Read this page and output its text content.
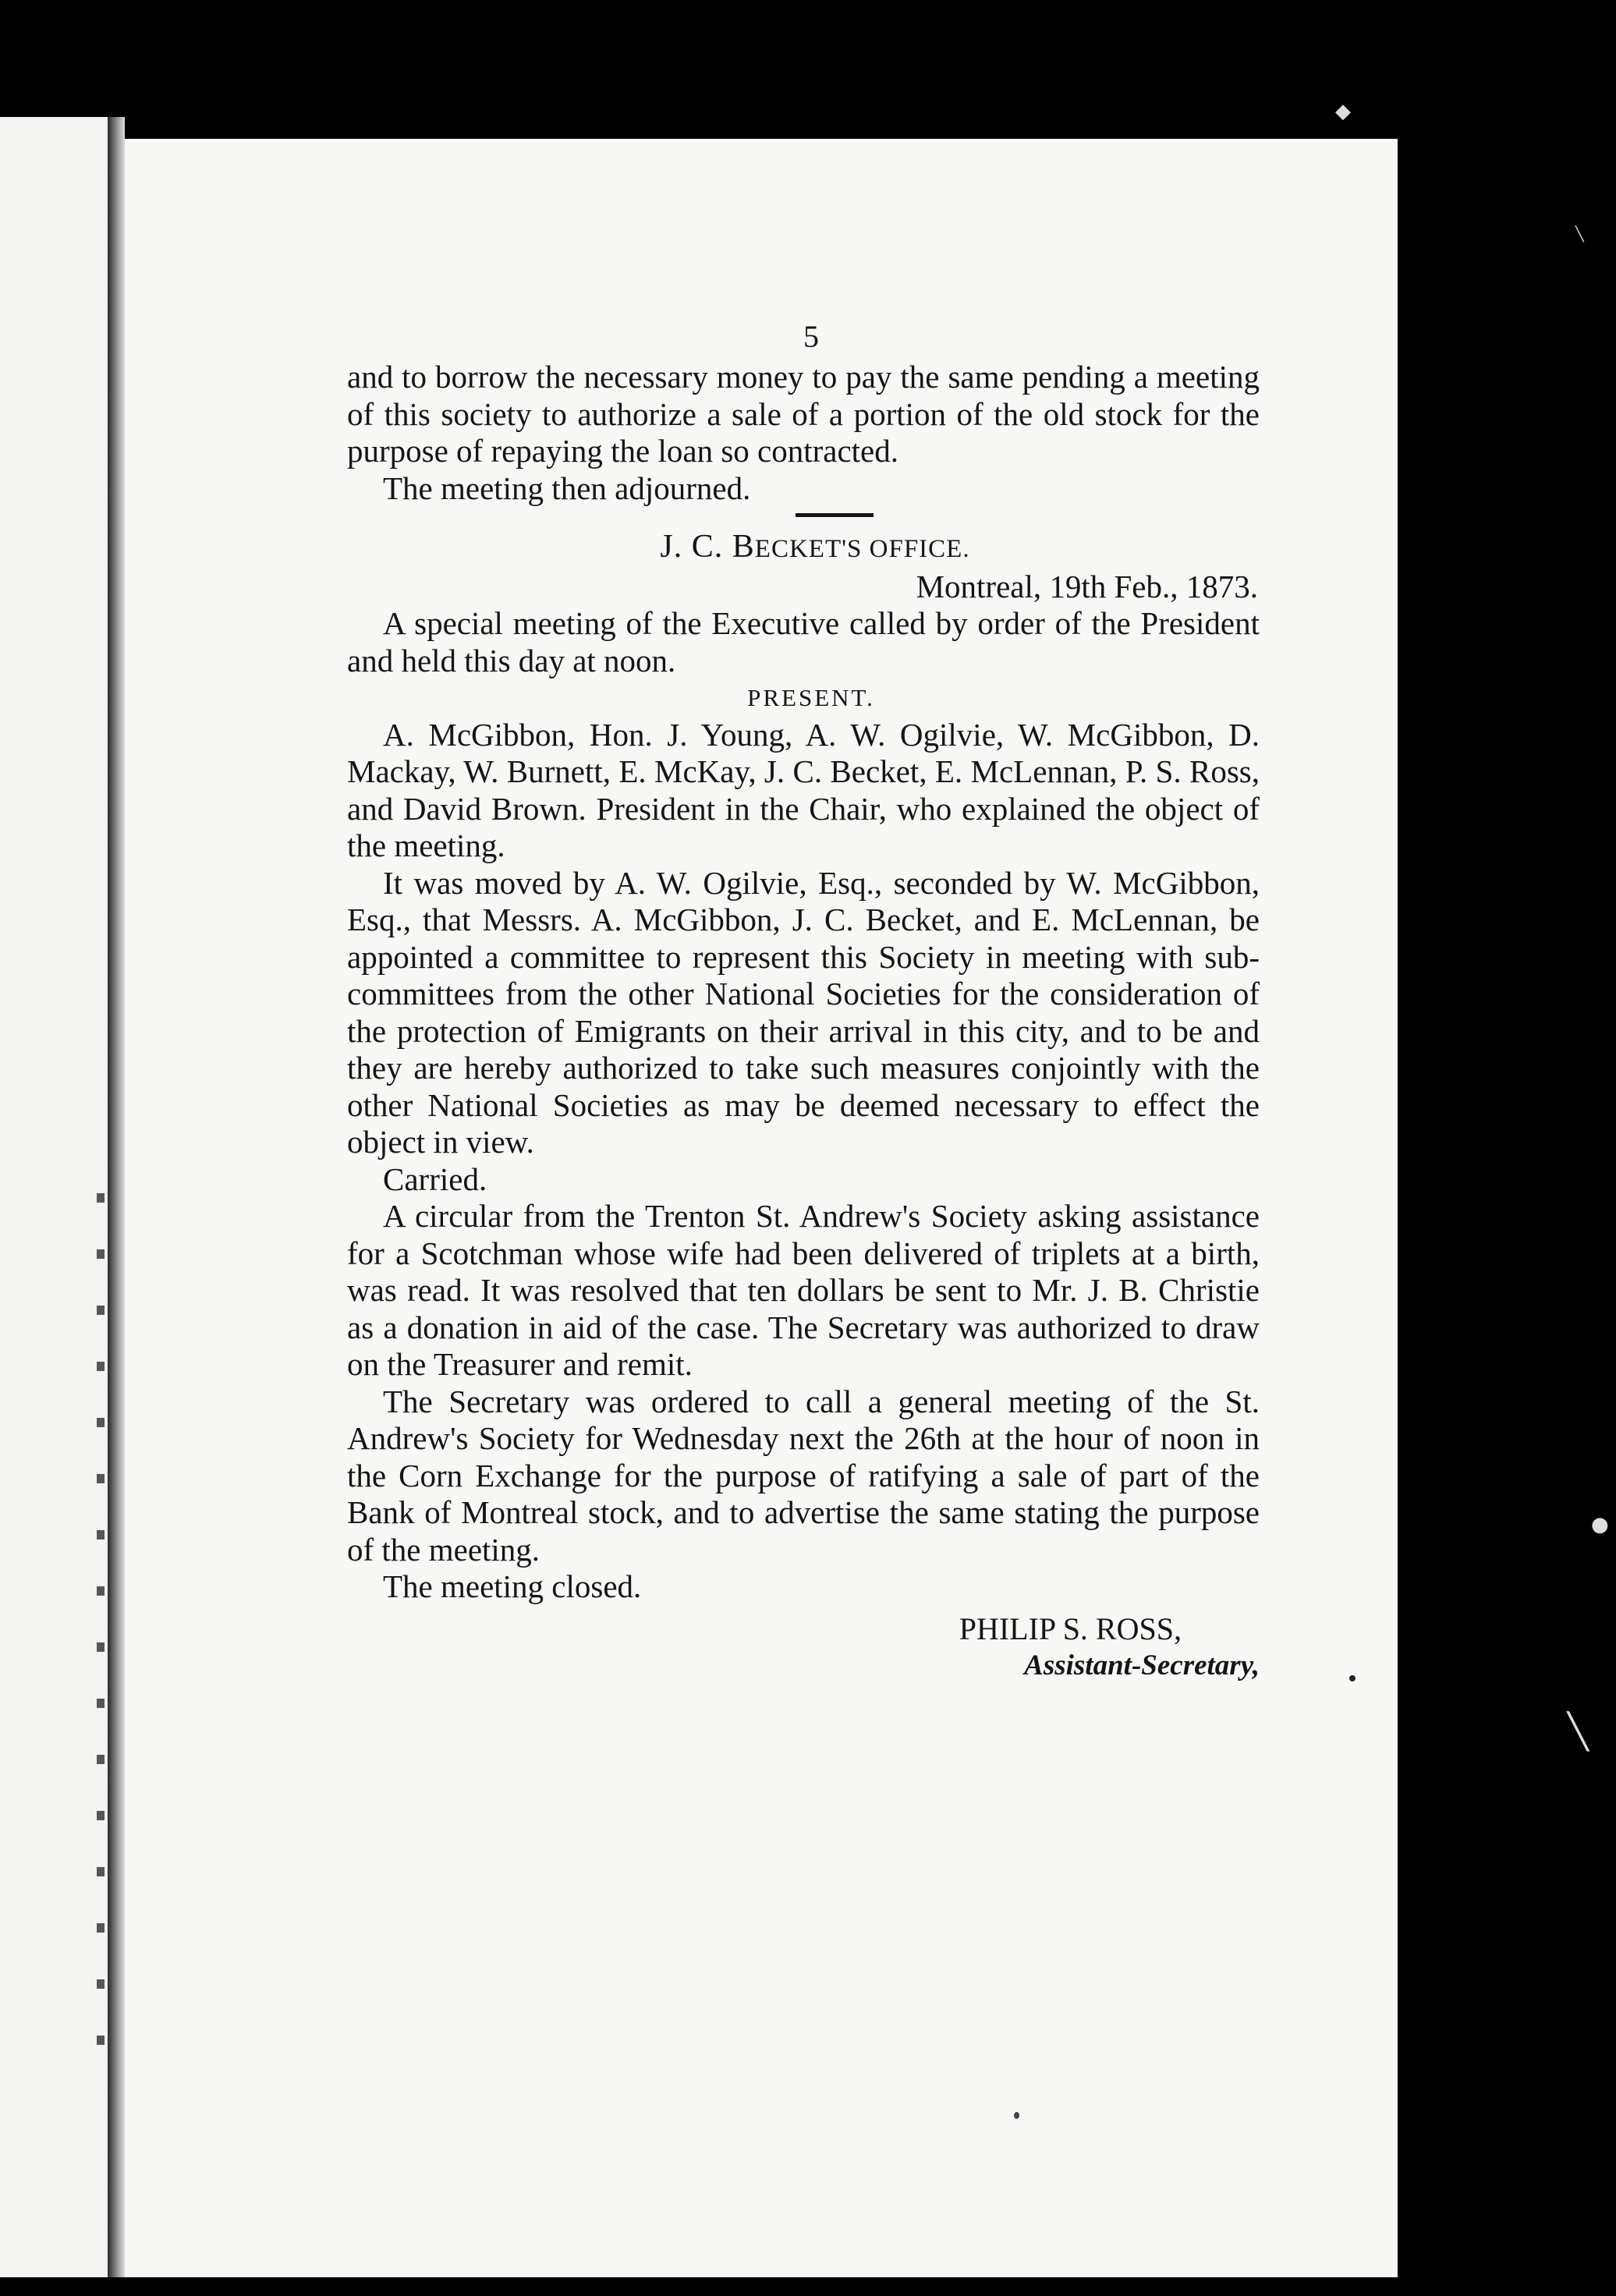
◆
╲
╲
●

5

and to borrow the necessary money to pay the same pending a meeting of this society to authorize a sale of a portion of the old stock for the purpose of repaying the loan so contracted.

The meeting then adjourned.

J. C. BECKET'S OFFICE.

Montreal, 19th Feb., 1873.

A special meeting of the Executive called by order of the President and held this day at noon.

PRESENT.

A. McGibbon, Hon. J. Young, A. W. Ogilvie, W. McGibbon, D. Mackay, W. Burnett, E. McKay, J. C. Becket, E. McLennan, P. S. Ross, and David Brown. President in the Chair, who explained the object of the meeting.

It was moved by A. W. Ogilvie, Esq., seconded by W. McGibbon, Esq., that Messrs. A. McGibbon, J. C. Becket, and E. McLennan, be appointed a committee to represent this Society in meeting with sub-committees from the other National Societies for the consideration of the protection of Emigrants on their arrival in this city, and to be and they are hereby authorized to take such measures conjointly with the other National Societies as may be deemed necessary to effect the object in view.

Carried.

A circular from the Trenton St. Andrew's Society asking assistance for a Scotchman whose wife had been delivered of triplets at a birth, was read. It was resolved that ten dollars be sent to Mr. J. B. Christie as a donation in aid of the case. The Secretary was authorized to draw on the Treasurer and remit.

The Secretary was ordered to call a general meeting of the St. Andrew's Society for Wednesday next the 26th at the hour of noon in the Corn Exchange for the purpose of ratifying a sale of part of the Bank of Montreal stock, and to advertise the same stating the purpose of the meeting.

The meeting closed.

PHILIP S. ROSS,

Assistant-Secretary,
